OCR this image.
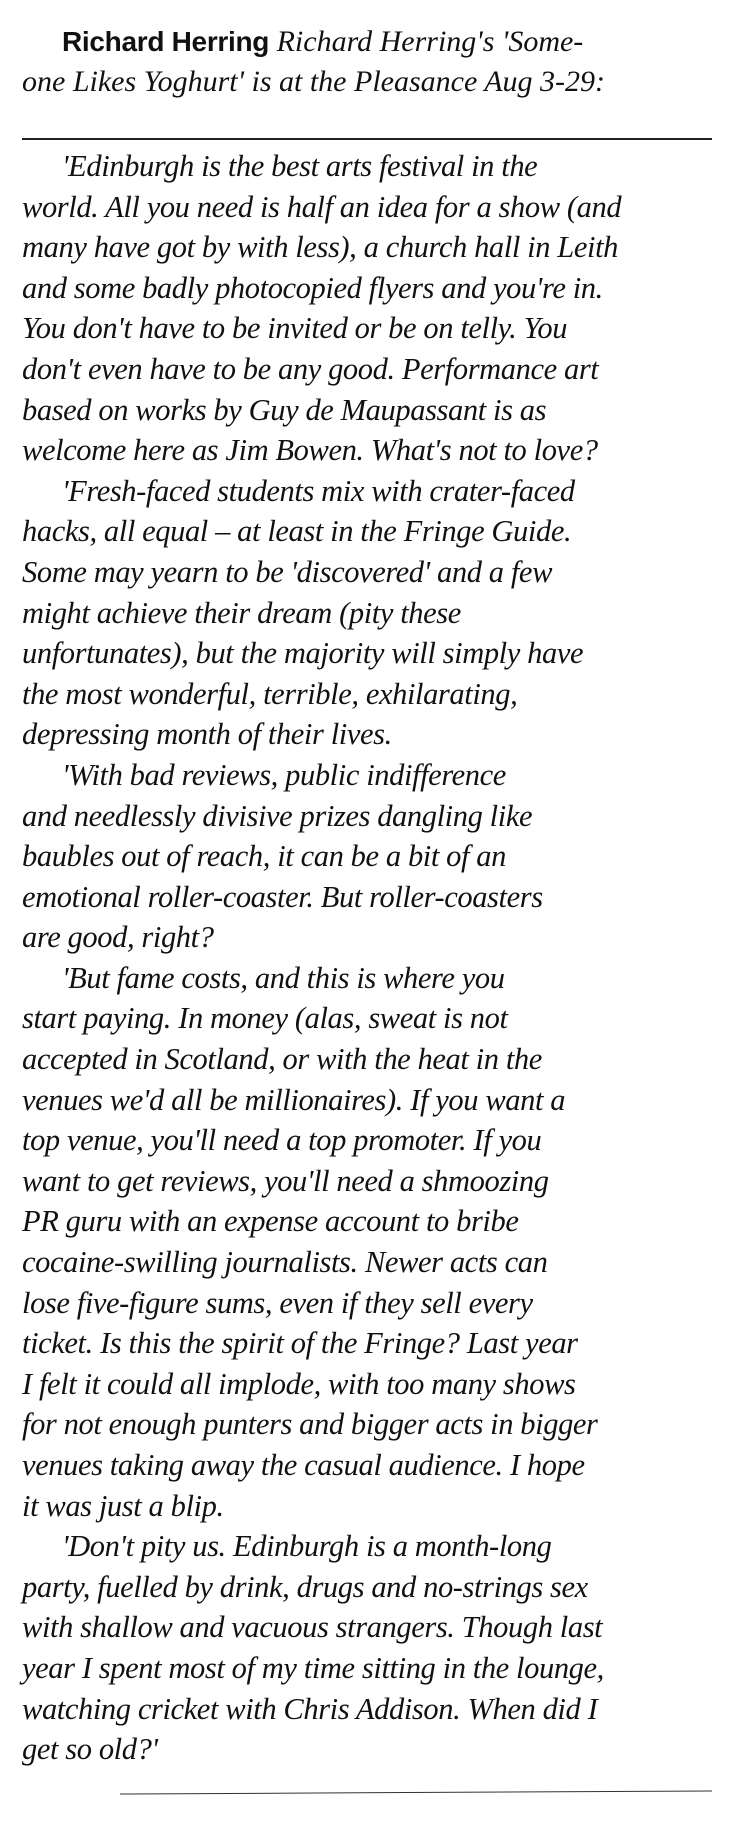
Richard Herring Richard Herring's 'Some-
one Likes Yoghurt' is at the Pleasance Aug 3-29:
'Edinburgh is the best arts festival in the
world. All you need is half an idea for a show (and
many have got by with less), a church hall in Leith
and some badly photocopied flyers and you're in.
You don't have to be invited or be on telly. You
don't even have to be any good. Performance art
based on works by Guy de Maupassant is as
welcome here as Jim Bowen. What's not to love?
'Fresh-faced students mix with crater-faced
hacks, all equal – at least in the Fringe Guide.
Some may yearn to be 'discovered' and a few
might achieve their dream (pity these
unfortunates), but the majority will simply have
the most wonderful, terrible, exhilarating,
depressing month of their lives.
'With bad reviews, public indifference
and needlessly divisive prizes dangling like
baubles out of reach, it can be a bit of an
emotional roller-coaster. But roller-coasters
are good, right?
'But fame costs, and this is where you
start paying. In money (alas, sweat is not
accepted in Scotland, or with the heat in the
venues we'd all be millionaires). If you want a
top venue, you'll need a top promoter. If you
want to get reviews, you'll need a shmoozing
PR guru with an expense account to bribe
cocaine-swilling journalists. Newer acts can
lose five-figure sums, even if they sell every
ticket. Is this the spirit of the Fringe? Last year
I felt it could all implode, with too many shows
for not enough punters and bigger acts in bigger
venues taking away the casual audience. I hope
it was just a blip.
'Don't pity us. Edinburgh is a month-long
party, fuelled by drink, drugs and no-strings sex
with shallow and vacuous strangers. Though last
year I spent most of my time sitting in the lounge,
watching cricket with Chris Addison. When did I
get so old?'
